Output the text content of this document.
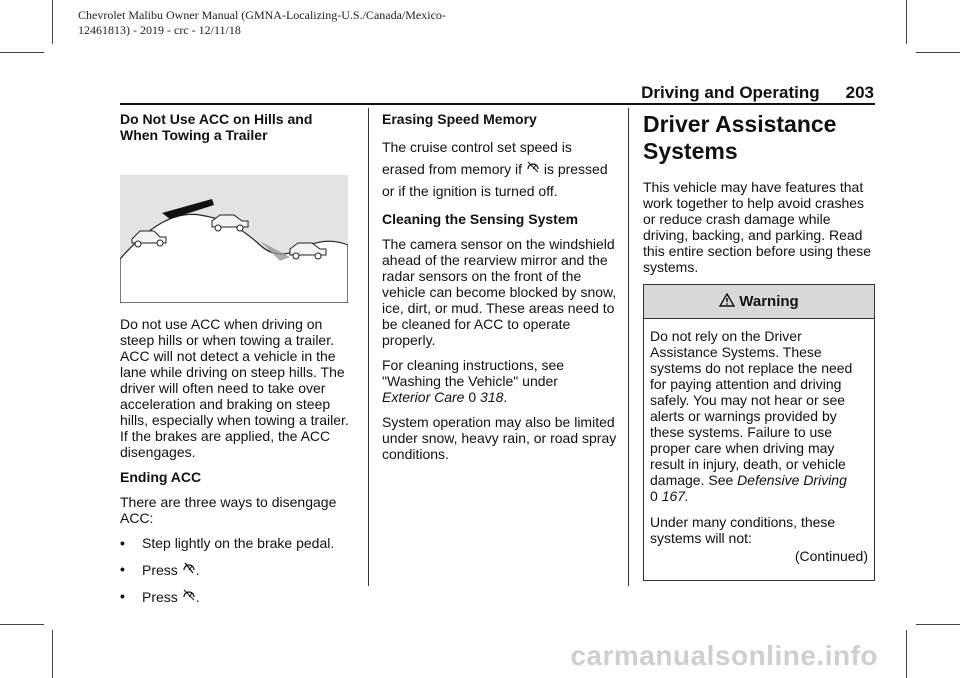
Chevrolet Malibu Owner Manual (GMNA-Localizing-U.S./Canada/Mexico-
12461813) - 2019 - crc - 12/11/18
Driving and Operating 203
Do Not Use ACC on Hills and
When Towing a Trailer

Do not use ACC when driving on steep hills or when towing a trailer. ACC will not detect a vehicle in the lane while driving on steep hills. The driver will often need to take over acceleration and braking on steep hills, especially when towing a trailer. If the brakes are applied, the ACC disengages.

Ending ACC

There are three ways to disengage ACC:

•	Step lightly on the brake pedal.
•	Press .
•	Press .

Erasing Speed Memory

The cruise control set speed is erased from memory if  is pressed or if the ignition is turned off.

Cleaning the Sensing System

The camera sensor on the windshield ahead of the rearview mirror and the radar sensors on the front of the vehicle can become blocked by snow, ice, dirt, or mud. These areas need to be cleaned for ACC to operate properly.

For cleaning instructions, see
"Washing the Vehicle" under
Exterior Care 0 318.

System operation may also be limited under snow, heavy rain, or road spray conditions.

Driver Assistance
Systems

This vehicle may have features that work together to help avoid crashes or reduce crash damage while driving, backing, and parking. Read this entire section before using these systems.

Warning

Do not rely on the Driver Assistance Systems. These systems do not replace the need for paying attention and driving safely. You may not hear or see alerts or warnings provided by these systems. Failure to use proper care when driving may result in injury, death, or vehicle damage. See Defensive Driving
0 167.

Under many conditions, these systems will not:

(Continued)

carmanualsonline.info
